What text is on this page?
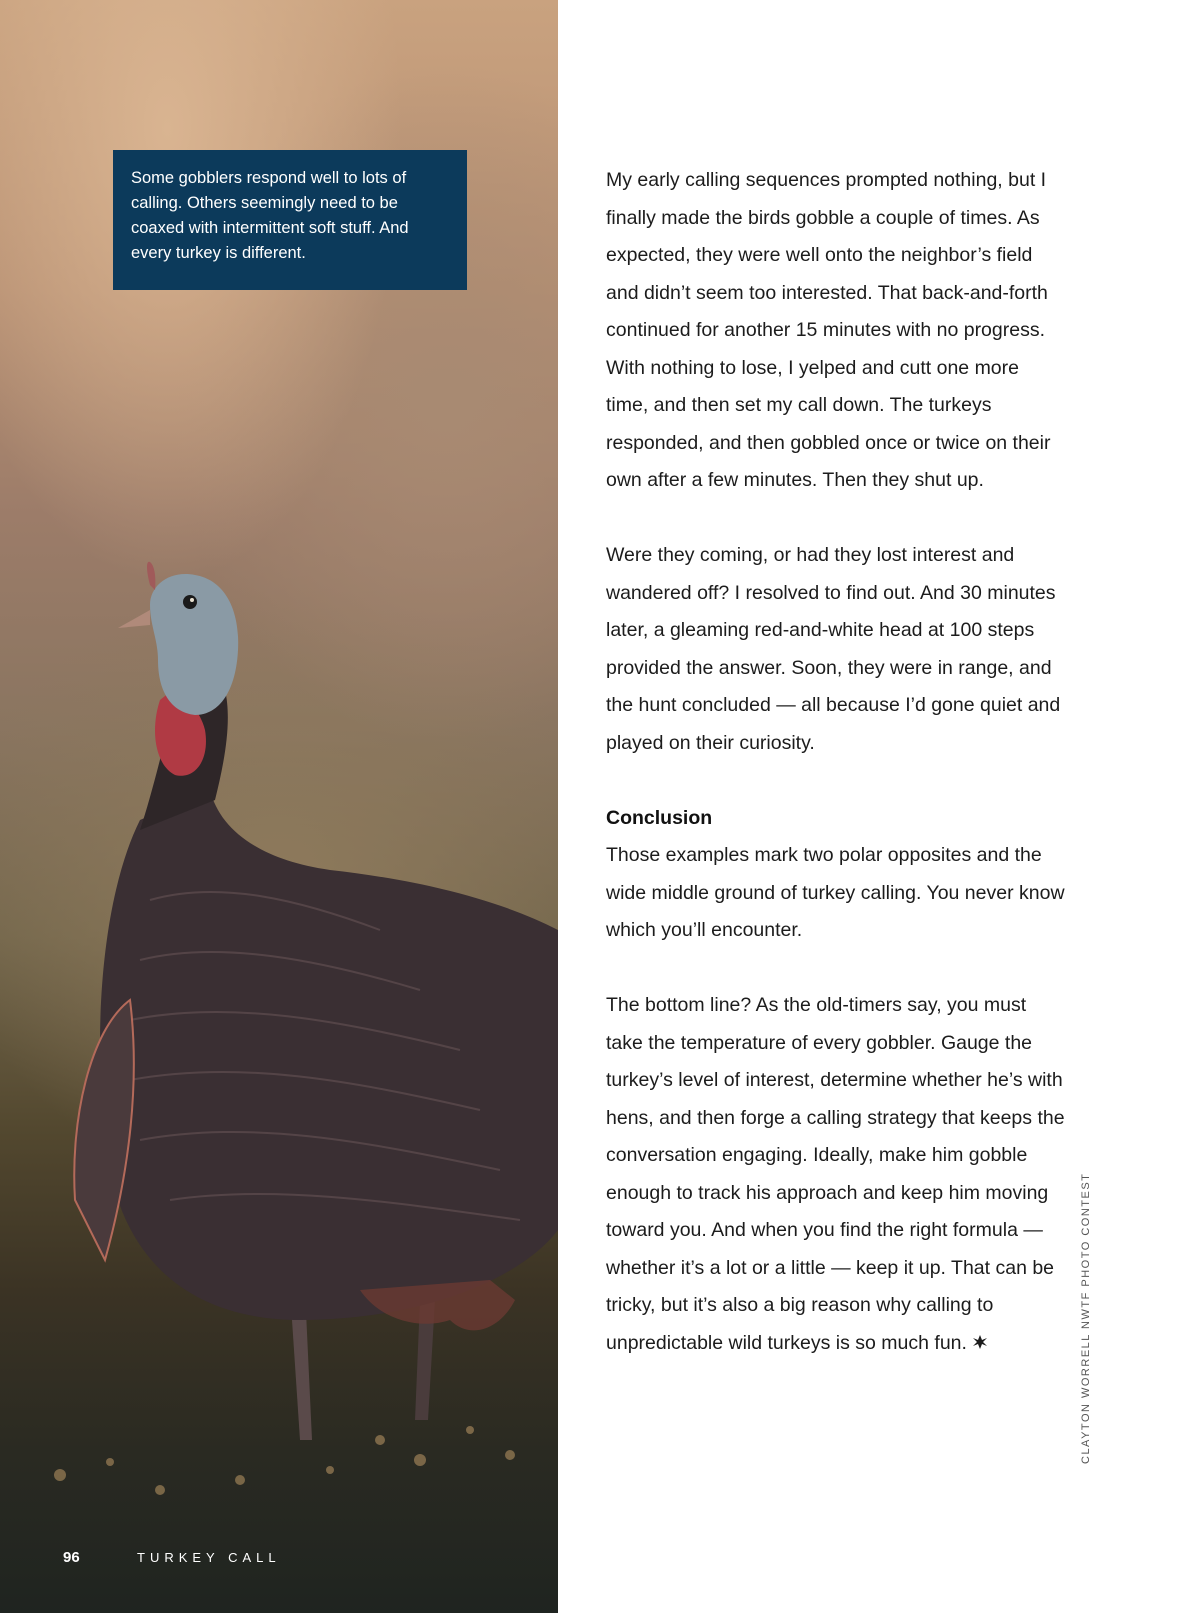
Some gobblers respond well to lots of calling. Others seemingly need to be coaxed with intermittent soft stuff. And every turkey is different.
96	TURKEY CALL

My early calling sequences prompted nothing, but I finally made the birds gobble a couple of times. As expected, they were well onto the neighbor’s field and didn’t seem too interested. That back-and-forth continued for another 15 minutes with no progress. With nothing to lose, I yelped and cutt one more time, and then set my call down. The turkeys responded, and then gobbled once or twice on their own after a few minutes. Then they shut up.

Were they coming, or had they lost interest and wandered off? I resolved to find out. And 30 minutes later, a gleaming red-and-white head at 100 steps provided the answer. Soon, they were in range, and the hunt concluded — all because I’d gone quiet and played on their curiosity.

Conclusion

Those examples mark two polar opposites and the wide middle ground of turkey calling. You never know which you’ll encounter.

The bottom line? As the old-timers say, you must take the temperature of every gobbler. Gauge the turkey’s level of interest, determine whether he’s with hens, and then forge a calling strategy that keeps the conversation engaging. Ideally, make him gobble enough to track his approach and keep him moving toward you. And when you find the right formula — whether it’s a lot or a little — keep it up. That can be tricky, but it’s also a big reason why calling to unpredictable wild turkeys is so much fun.	CLAYTON WORRELL NWTF PHOTO CONTEST
